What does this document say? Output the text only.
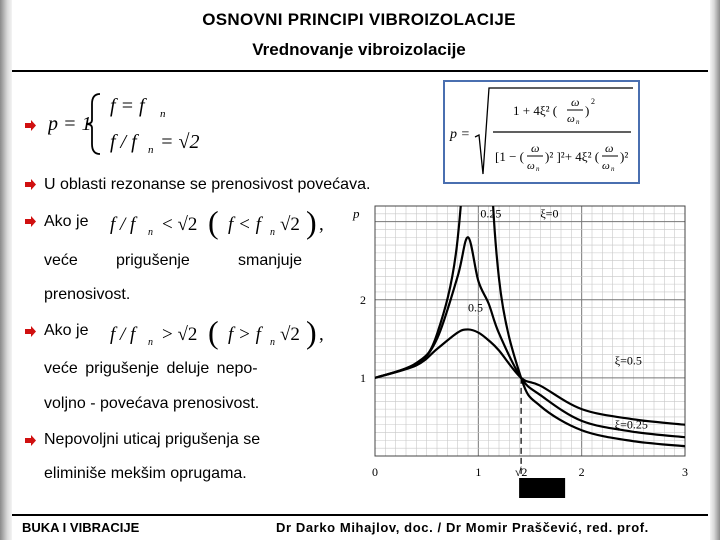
OSNOVNI PRINCIPI VIBROIZOLACIJE
Vrednovanje vibroizolacije
p = 1
f = f n
f / f n = √2	p =
1 + 4ξ² (
ω
ω n
)
2
[1 − (
ω
ω n
)² ]²+ 4ξ² (
ω
ω n
)²
U oblasti rezonanse se prenosivost povećava.
Ako je f / f n < √2 ( f < f n √2 ) ,
veće prigušenje	smanjuje
prenosivost.
Ako je f / f n > √2 ( f > f n √2 ) ,
veće prigušenje deluje nepo-
voljno - povećava prenosivost.
Nepovoljni uticaj prigušenja se
eliminiše mekšim oprugama.	0	1	√2	2	3
1
2
p	0.25	ξ=0
0.5
ξ=0.5
ξ=0.25
BUKA I VIBRACIJE	Dr Darko Mihajlov, doc. / Dr Momir Praščević, red. prof.
